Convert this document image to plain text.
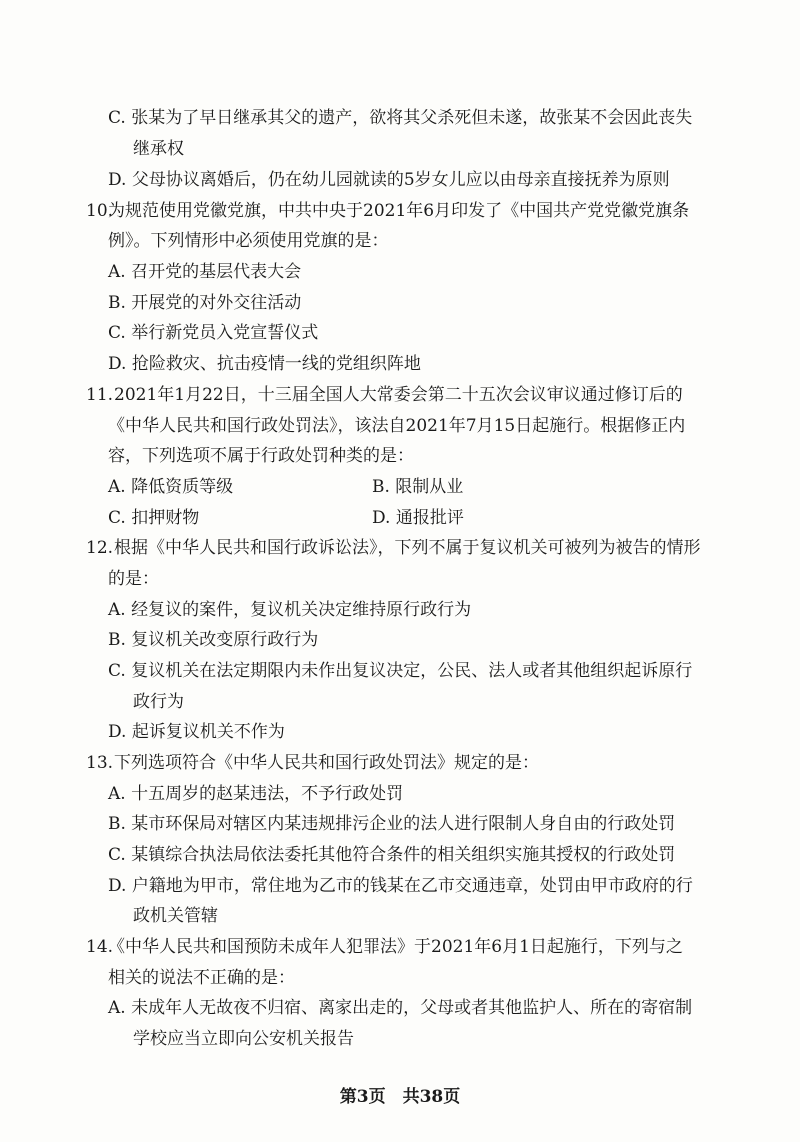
C. 张某为了早日继承其父的遗产，欲将其父杀死但未遂，故张某不会因此丧失
继承权
D. 父母协议离婚后，仍在幼儿园就读的5岁女儿应以由母亲直接抚养为原则
10.
为规范使用党徽党旗，中共中央于2021年6月印发了《中国共产党党徽党旗条
例》。下列情形中必须使用党旗的是：
A. 召开党的基层代表大会
B. 开展党的对外交往活动
C. 举行新党员入党宣誓仪式
D. 抢险救灾、抗击疫情一线的党组织阵地
11. 2021年1月22日，十三届全国人大常委会第二十五次会议审议通过修订后的
《中华人民共和国行政处罚法》，该法自2021年7月15日起施行。根据修正内
容，下列选项不属于行政处罚种类的是：
A. 降低资质等级	B. 限制从业
C. 扣押财物	D. 通报批评
12. 根据《中华人民共和国行政诉讼法》，下列不属于复议机关可被列为被告的情形
的是：
A. 经复议的案件，复议机关决定维持原行政行为
B. 复议机关改变原行政行为
C. 复议机关在法定期限内未作出复议决定，公民、法人或者其他组织起诉原行
政行为
D. 起诉复议机关不作为
13. 下列选项符合《中华人民共和国行政处罚法》规定的是：
A. 十五周岁的赵某违法，不予行政处罚
B. 某市环保局对辖区内某违规排污企业的法人进行限制人身自由的行政处罚
C. 某镇综合执法局依法委托其他符合条件的相关组织实施其授权的行政处罚
D. 户籍地为甲市，常住地为乙市的钱某在乙市交通违章，处罚由甲市政府的行
政机关管辖
14.
《中华人民共和国预防未成年人犯罪法》于2021年6月1日起施行，下列与之
相关的说法不正确的是：
A. 未成年人无故夜不归宿、离家出走的，父母或者其他监护人、所在的寄宿制
学校应当立即向公安机关报告
第3页　共38页
